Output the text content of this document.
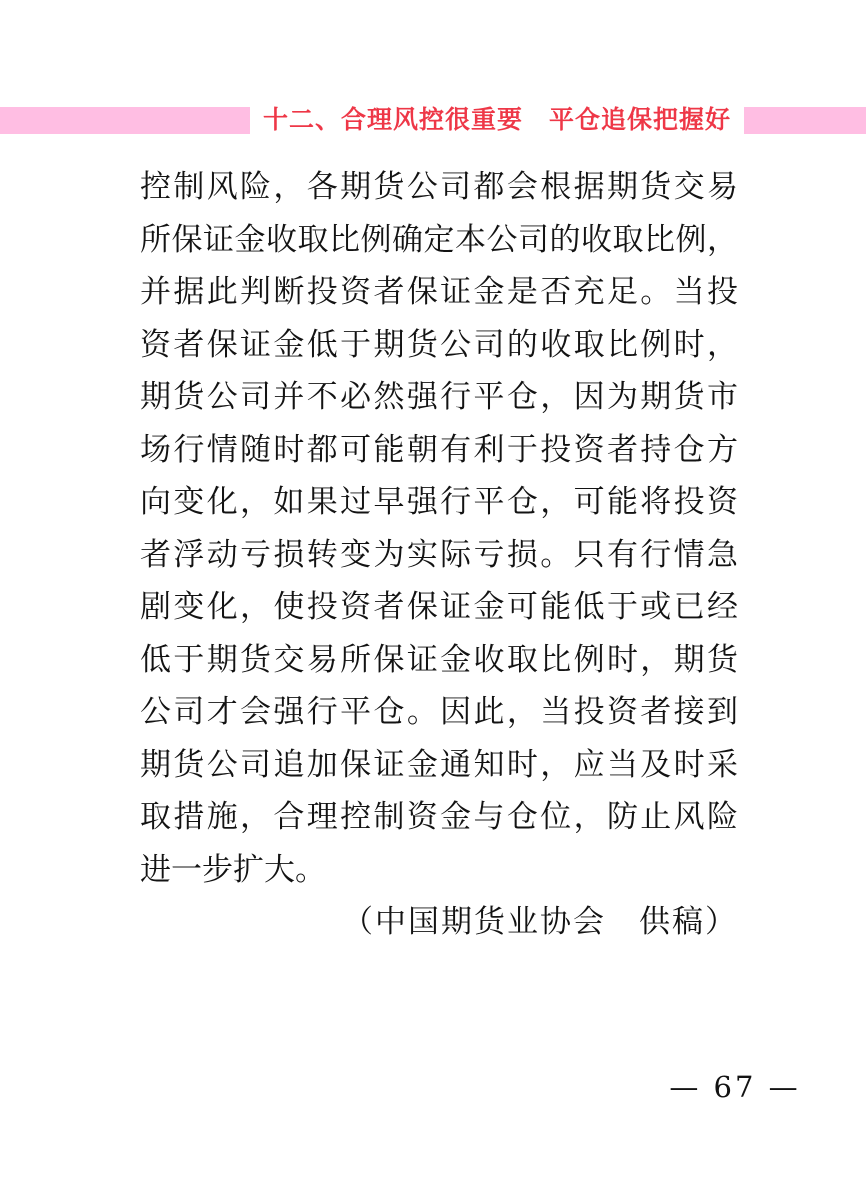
十二、合理风控很重要　平仓追保把握好
控制风险，各期货公司都会根据期货交易
所保证金收取比例确定本公司的收取比例，
并据此判断投资者保证金是否充足。当投
资者保证金低于期货公司的收取比例时，
期货公司并不必然强行平仓，因为期货市
场行情随时都可能朝有利于投资者持仓方
向变化，如果过早强行平仓，可能将投资
者浮动亏损转变为实际亏损。只有行情急
剧变化，使投资者保证金可能低于或已经
低于期货交易所保证金收取比例时，期货
公司才会强行平仓。因此，当投资者接到
期货公司追加保证金通知时，应当及时采
取措施，合理控制资金与仓位，防止风险
进一步扩大。
（中国期货业协会　供稿）
— 67 —
